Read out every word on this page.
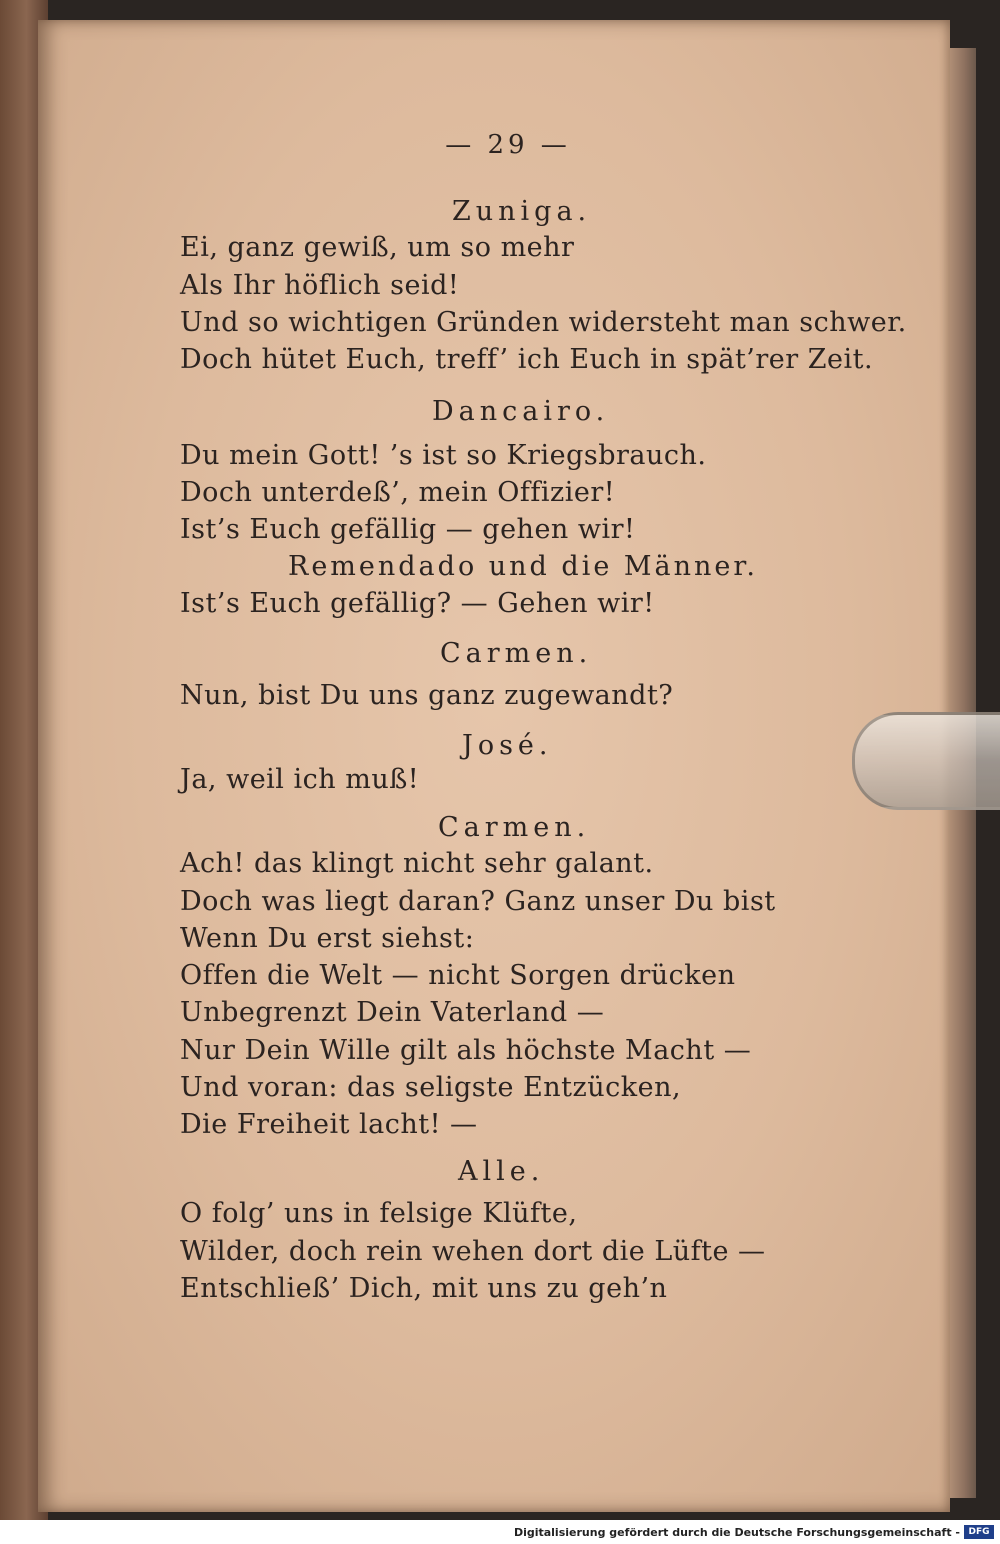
— 29 —
Zuniga.
Ei, ganz gewiß, um so mehr
Als Ihr höflich seid!
Und so wichtigen Gründen widersteht man schwer.
Doch hütet Euch, treff’ ich Euch in spät’rer Zeit.
Dancairo.
Du mein Gott! ’s ist so Kriegsbrauch.
Doch unterdeß’, mein Offizier!
Ist’s Euch gefällig — gehen wir!
Remendado und die Männer.
Ist’s Euch gefällig? — Gehen wir!
Carmen.
Nun, bist Du uns ganz zugewandt?
José.
Ja, weil ich muß!
Carmen.
Ach! das klingt nicht sehr galant.
Doch was liegt daran? Ganz unser Du bist
Wenn Du erst siehst:
Offen die Welt — nicht Sorgen drücken
Unbegrenzt Dein Vaterland —
Nur Dein Wille gilt als höchste Macht —
Und voran: das seligste Entzücken,
Die Freiheit lacht! —
Alle.
O folg’ uns in felsige Klüfte,
Wilder, doch rein wehen dort die Lüfte —
Entschließ’ Dich, mit uns zu geh’n
Digitalisierung gefördert durch die Deutsche Forschungsgemeinschaft - DFG
